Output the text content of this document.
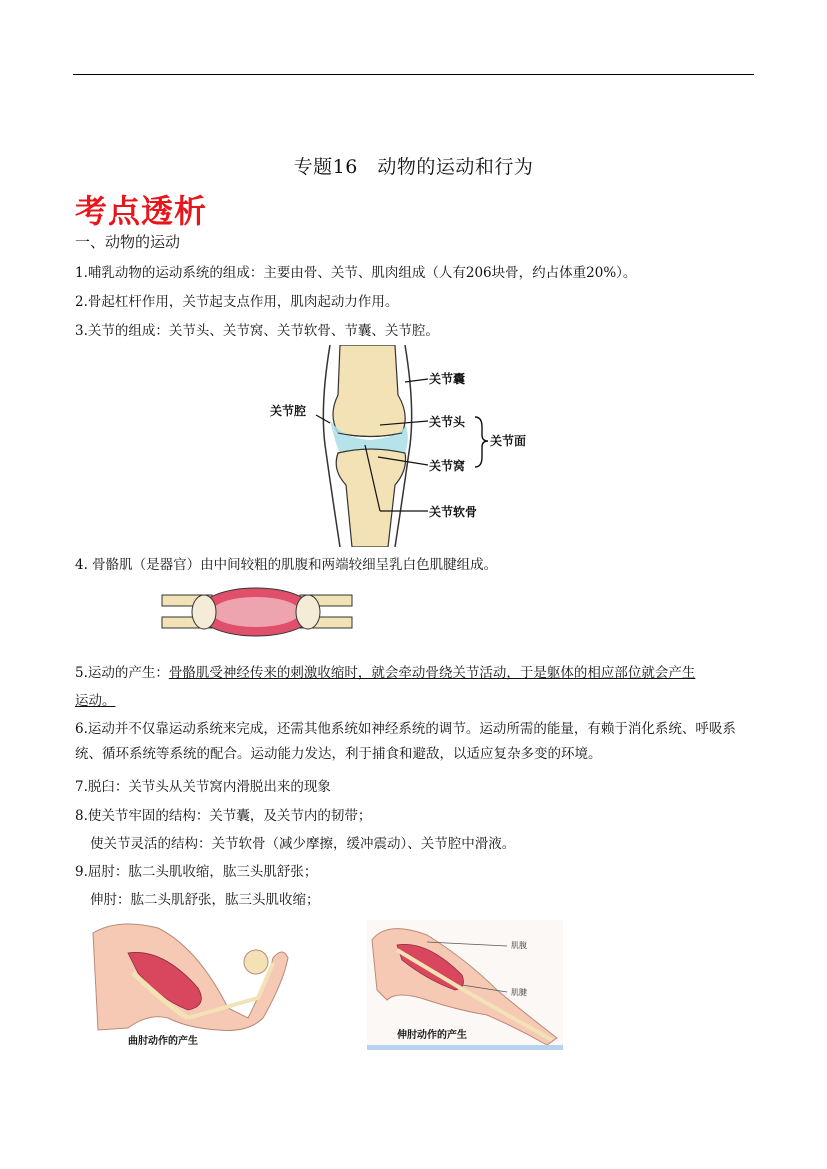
专题16　动物的运动和行为
考点透析
一、动物的运动
1.哺乳动物的运动系统的组成：主要由骨、关节、肌肉组成（人有206块骨，约占体重20%）。
2.骨起杠杆作用，关节起支点作用，肌肉起动力作用。
3.关节的组成：关节头、关节窝、关节软骨、节囊、关节腔。
关节囊
关节腔
关节头
关节窝
关节面
关节软骨
4. 骨骼肌（是器官）由中间较粗的肌腹和两端较细呈乳白色肌腱组成。
5.运动的产生：骨骼肌受神经传来的刺激收缩时，就会牵动骨绕关节活动，于是躯体的相应部位就会产生
运动。
6.运动并不仅靠运动系统来完成，还需其他系统如神经系统的调节。运动所需的能量，有赖于消化系统、呼吸系统、循环系统等系统的配合。运动能力发达，利于捕食和避敌，以适应复杂多变的环境。
7.脱臼：关节头从关节窝内滑脱出来的现象
8.使关节牢固的结构：关节囊，及关节内的韧带；
使关节灵活的结构：关节软骨（减少摩擦，缓冲震动）、关节腔中滑液。
9.屈肘：肱二头肌收缩，肱三头肌舒张；
伸肘：肱二头肌舒张，肱三头肌收缩；
曲肘动作的产生
肌腹
肌腱
伸肘动作的产生
